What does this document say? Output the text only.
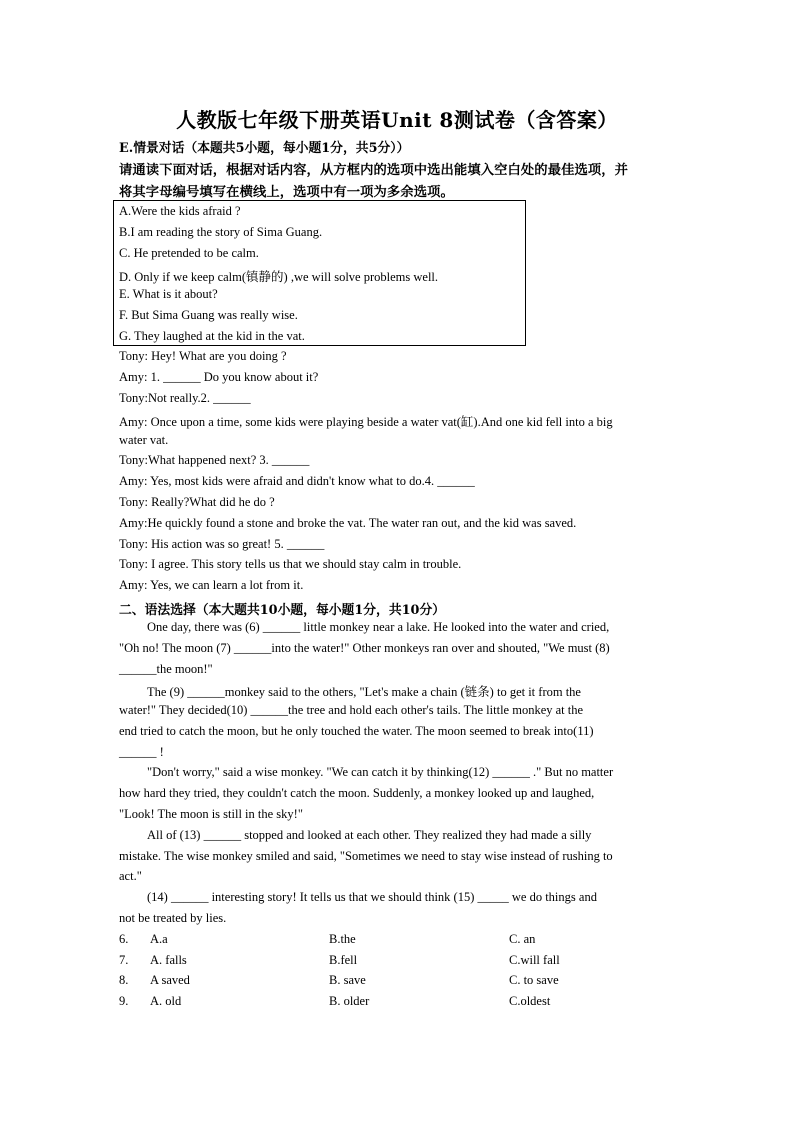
人教版七年级下册英语Unit 8测试卷（含答案）
E.情景对话（本题共5小题，每小题1分，共5分））
请通读下面对话，根据对话内容，从方框内的选项中选出能填入空白处的最佳选项，并
将其字母编号填写在横线上，选项中有一项为多余选项。
A.Were the kids afraid ?
B.I am reading the story of Sima Guang.
C. He pretended to be calm.
D. Only if we keep calm(镇静的) ,we will solve problems well.
E. What is it about?
F. But Sima Guang was really wise.
G. They laughed at the kid in the vat.
Tony: Hey! What are you doing ?
Amy: 1. ______ Do you know about it?
Tony:Not really.2. ______
Amy: Once upon a time, some kids were playing beside a water vat(缸).And one kid fell into a big
water vat.
Tony:What happened next? 3. ______
Amy: Yes, most kids were afraid and didn't know what to do.4. ______
Tony: Really?What did he do ?
Amy:He quickly found a stone and broke the vat. The water ran out, and the kid was saved.
Tony: His action was so great! 5. ______
Tony: I agree. This story tells us that we should stay calm in trouble.
Amy: Yes, we can learn a lot from it.
二、语法选择（本大题共10小题，每小题1分，共10分）
One day, there was (6) ______ little monkey near a lake. He looked into the water and cried,
"Oh no! The moon (7) ______into the water!" Other monkeys ran over and shouted, "We must (8)
______the moon!"
The (9) ______monkey said to the others, "Let's make a chain (链条) to get it from the
water!" They decided(10) ______the tree and hold each other's tails. The little monkey at the
end tried to catch the moon, but he only touched the water. The moon seemed to break into(11)
______ !
"Don't worry," said a wise monkey. "We can catch it by thinking(12) ______ ." But no matter
how hard they tried, they couldn't catch the moon. Suddenly, a monkey looked up and laughed,
"Look! The moon is still in the sky!"
All of (13) ______ stopped and looked at each other. They realized they had made a silly
mistake. The wise monkey smiled and said, "Sometimes we need to stay wise instead of rushing to
act."
(14) ______ interesting story! It tells us that we should think (15) _____ we do things and
not be treated by lies.
6. A.a	B.the	C. an
7. A. falls	B.fell	C.will fall
8. A saved	B. save	C. to save
9. A. old	B. older	C.oldest
